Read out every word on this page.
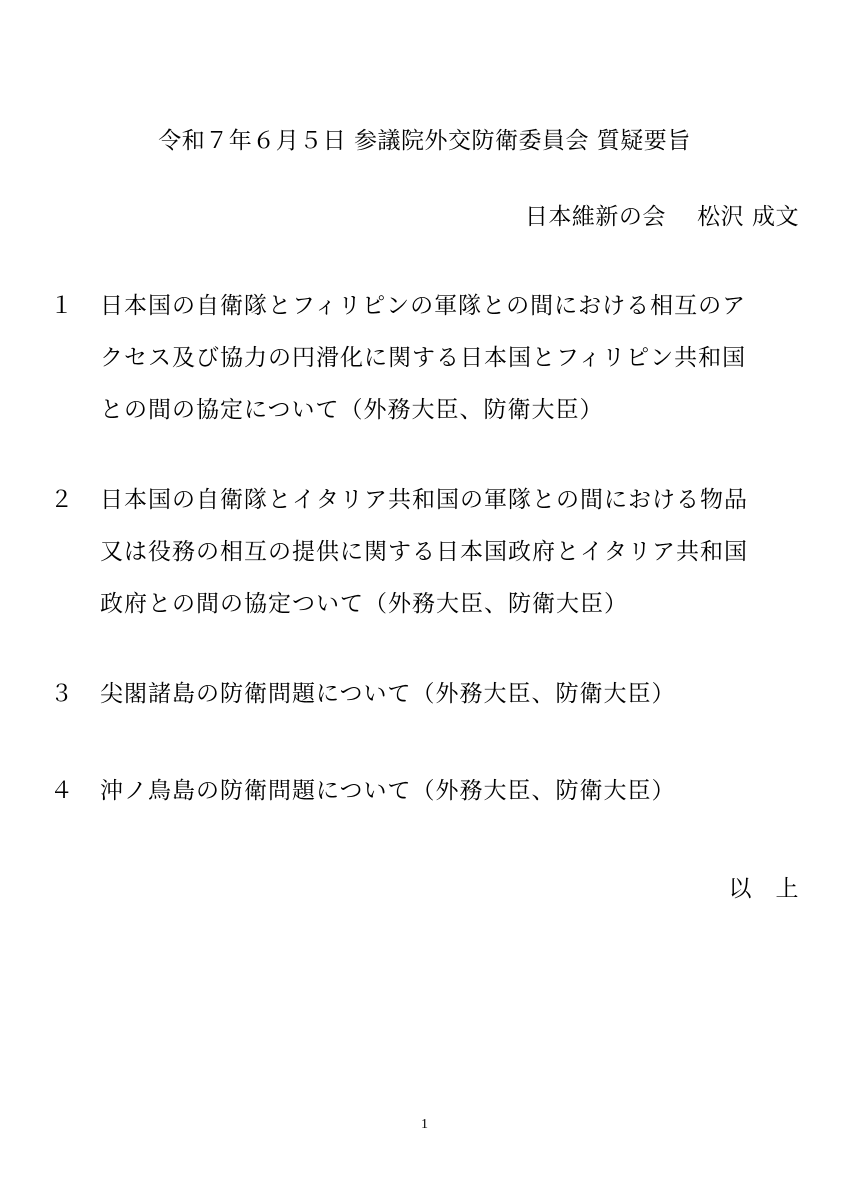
令和７年６月５日 参議院外交防衛委員会 質疑要旨
日本維新の会　 松沢 成文
１	日本国の自衛隊とフィリピンの軍隊との間における相互のア
クセス及び協力の円滑化に関する日本国とフィリピン共和国
との間の協定について（外務大臣、防衛大臣）
２	日本国の自衛隊とイタリア共和国の軍隊との間における物品
又は役務の相互の提供に関する日本国政府とイタリア共和国
政府との間の協定ついて（外務大臣、防衛大臣）
３	尖閣諸島の防衛問題について（外務大臣、防衛大臣）
４	沖ノ鳥島の防衛問題について（外務大臣、防衛大臣）
以　上
1
